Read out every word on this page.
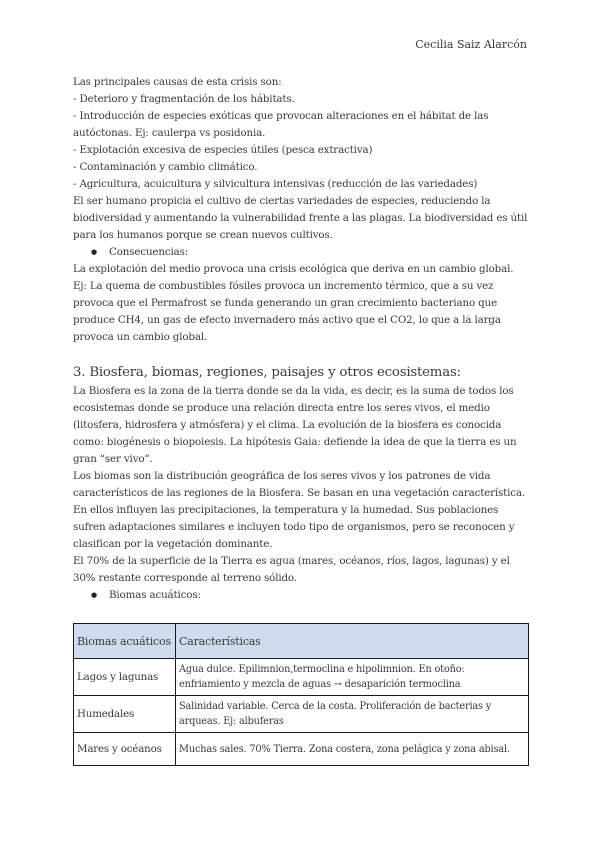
Cecilia Saiz Alarcón

Las principales causas de esta crisis son:

- Deterioro y fragmentación de los hábitats.

- Introducción de especies exóticas que provocan alteraciones en el hábitat de las autóctonas. Ej: caulerpa vs posidonia.

- Explotación excesiva de especies útiles (pesca extractiva)

- Contaminación y cambio climático.

- Agricultura, acuicultura y silvicultura intensivas (reducción de las variedades)

El ser humano propicia el cultivo de ciertas variedades de especies, reduciendo la biodiversidad y aumentando la vulnerabilidad frente a las plagas. La biodiversidad es útil para los humanos porque se crean nuevos cultivos.

● Consecuencias:

La explotación del medio provoca una crisis ecológica que deriva en un cambio global. Ej: La quema de combustibles fósiles provoca un incremento térmico, que a su vez provoca que el Permafrost se funda generando un gran crecimiento bacteriano que produce CH4, un gas de efecto invernadero más activo que el CO2, lo que a la larga provoca un cambio global.

3. Biosfera, biomas, regiones, paisajes y otros ecosistemas:

La Biosfera es la zona de la tierra donde se da la vida, es decir, es la suma de todos los ecosistemas donde se produce una relación directa entre los seres vivos, el medio (litosfera, hidrosfera y atmósfera) y el clima. La evolución de la biosfera es conocida como: biogénesis o biopoiesis. La hipótesis Gaia: defiende la idea de que la tierra es un gran “ser vivo”.

Los biomas son la distribución geográfica de los seres vivos y los patrones de vida característicos de las regiones de la Biosfera. Se basan en una vegetación característica. En ellos influyen las precipitaciones, la temperatura y la humedad. Sus poblaciones sufren adaptaciones similares e incluyen todo tipo de organismos, pero se reconocen y clasifican por la vegetación dominante.

El 70% de la superficie de la Tierra es agua (mares, océanos, ríos, lagos, lagunas) y el 30% restante corresponde al terreno sólido.

● Biomas acuáticos:

Biomas acuáticos	Características
Lagos y lagunas	Agua dulce. Epilimnion,termoclina e hipolimnion. En otoño: enfriamiento y mezcla de aguas → desaparición termoclina
Humedales	Salinidad variable. Cerca de la costa. Proliferación de bacterias y arqueas. Ej: albuferas
Mares y océanos	Muchas sales. 70% Tierra. Zona costera, zona pelágica y zona abisal.
